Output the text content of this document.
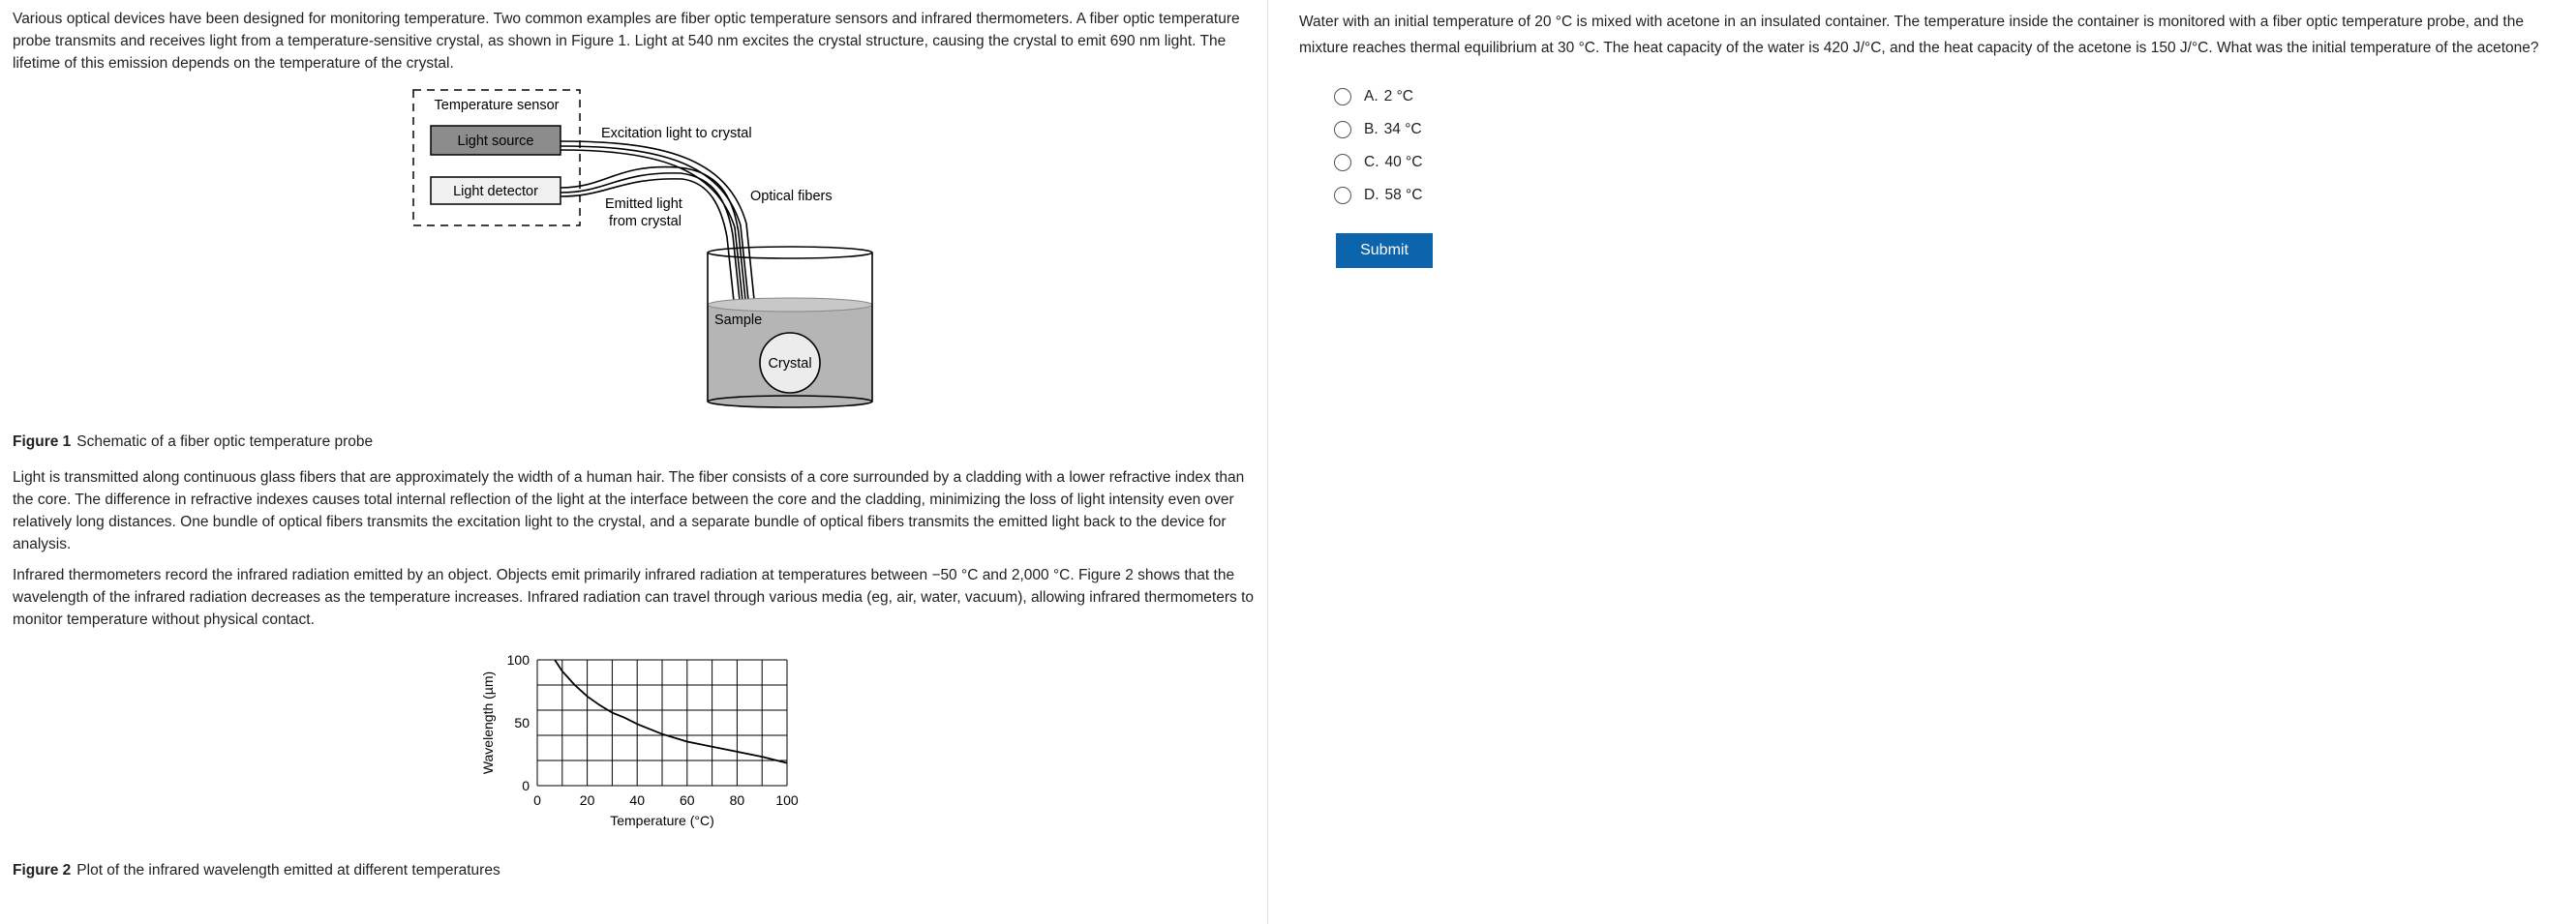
Various optical devices have been designed for monitoring temperature. Two common examples are fiber optic temperature sensors and infrared thermometers. A fiber optic temperature probe transmits and receives light from a temperature-sensitive crystal, as shown in Figure 1. Light at 540 nm excites the crystal structure, causing the crystal to emit 690 nm light. The lifetime of this emission depends on the temperature of the crystal.

Temperature sensor
Light source
Light detector
Excitation light to crystal
Emitted light
from crystal
Optical fibers
Sample
Crystal
Figure 1 Schematic of a fiber optic temperature probe

Light is transmitted along continuous glass fibers that are approximately the width of a human hair. The fiber consists of a core surrounded by a cladding with a lower refractive index than the core. The difference in refractive indexes causes total internal reflection of the light at the interface between the core and the cladding, minimizing the loss of light intensity even over relatively long distances. One bundle of optical fibers transmits the excitation light to the crystal, and a separate bundle of optical fibers transmits the emitted light back to the device for analysis.

Infrared thermometers record the infrared radiation emitted by an object. Objects emit primarily infrared radiation at temperatures between −50 °C and 2,000 °C. Figure 2 shows that the wavelength of the infrared radiation decreases as the temperature increases. Infrared radiation can travel through various media (eg, air, water, vacuum), allowing infrared thermometers to monitor temperature without physical contact.

0	20	40	60	80 100
0
50
100
Wavelength (µm)
Temperature (°C)
Figure 2 Plot of the infrared wavelength emitted at different temperatures

Water with an initial temperature of 20 °C is mixed with acetone in an insulated container. The temperature inside the container is monitored with a fiber optic temperature probe, and the mixture reaches thermal equilibrium at 30 °C. The heat capacity of the water is 420 J/°C, and the heat capacity of the acetone is 150 J/°C. What was the initial temperature of the acetone?

A. 2 °C
B. 34 °C
C. 40 °C
D. 58 °C
Submit
